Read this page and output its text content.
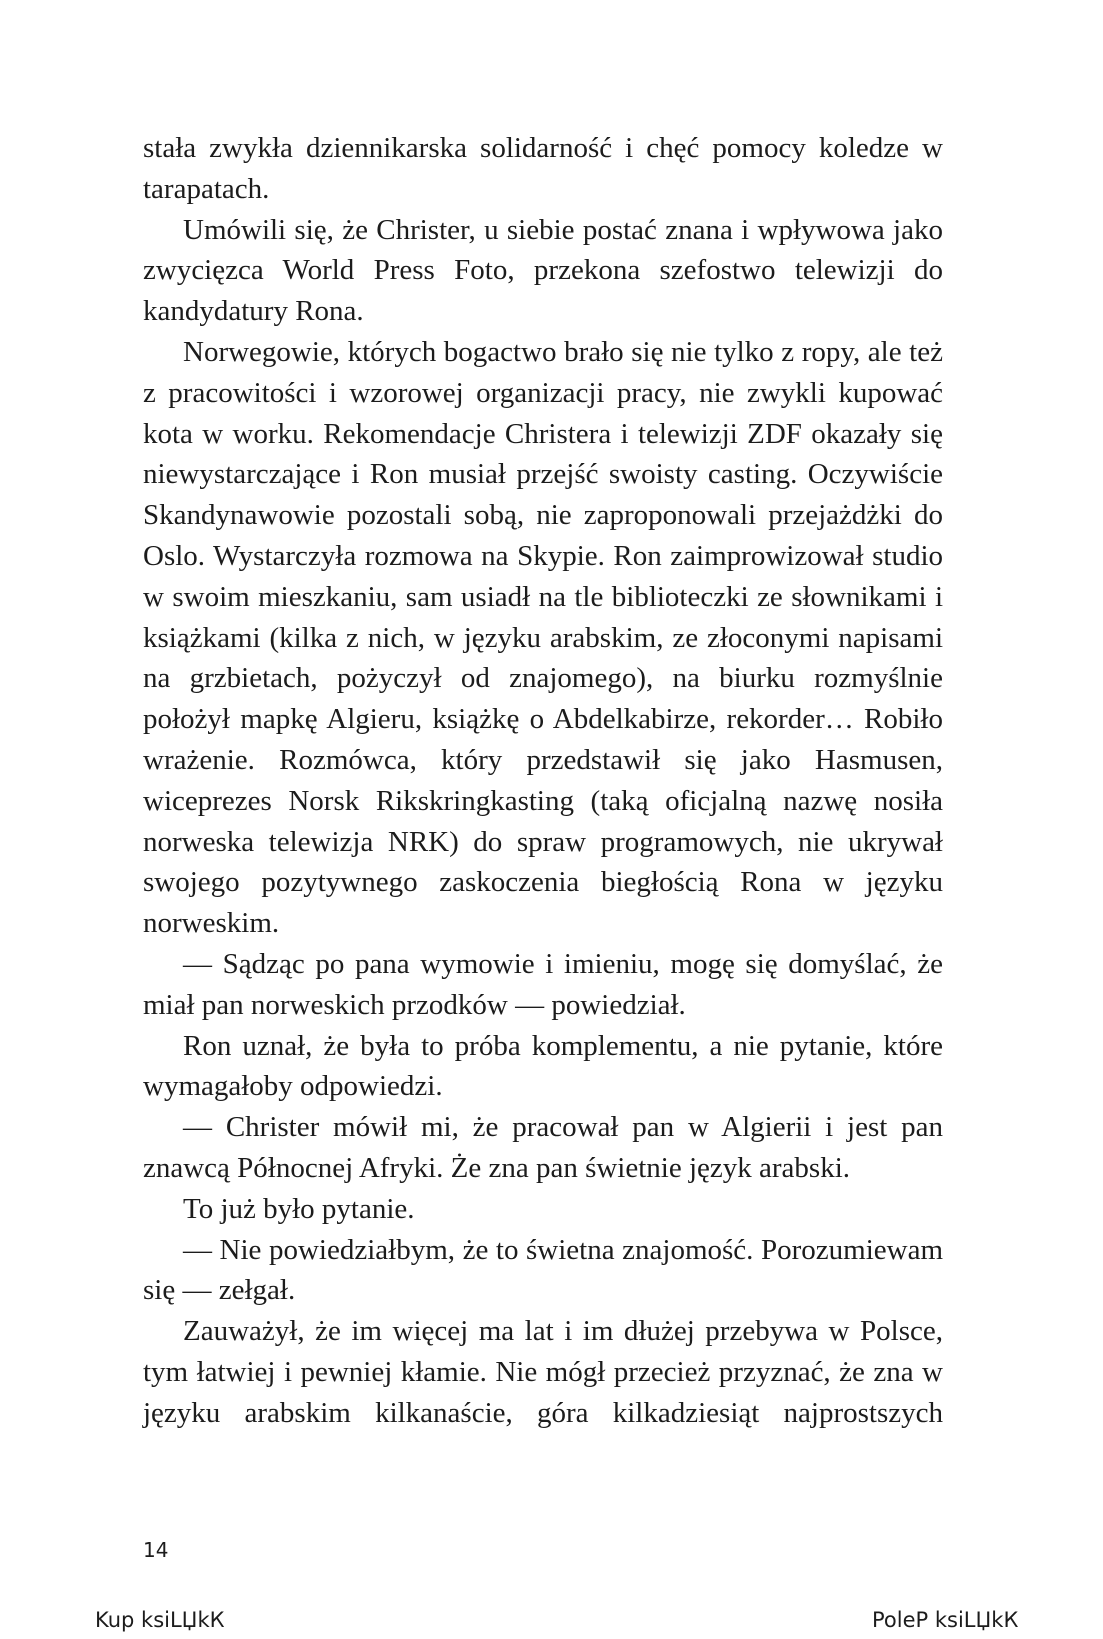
stała zwykła dziennikarska solidarność i chęć pomocy koledze w tarapatach.

Umówili się, że Christer, u siebie postać znana i wpływowa jako zwycięzca World Press Foto, przekona szefostwo telewizji do kandydatury Rona.

Norwegowie, których bogactwo brało się nie tylko z ropy, ale też z pracowitości i wzorowej organizacji pracy, nie zwykli kupować kota w worku. Rekomendacje Christera i telewizji ZDF okazały się niewystarczające i Ron musiał przejść swoisty casting. Oczywiście Skandynawowie pozostali sobą, nie zaproponowali przejażdżki do Oslo. Wystarczyła rozmowa na Skypie. Ron zaimprowizował studio w swoim mieszkaniu, sam usiadł na tle biblioteczki ze słownikami i książkami (kilka z nich, w języku arabskim, ze złoconymi napisami na grzbietach, pożyczył od znajomego), na biurku rozmyślnie położył mapkę Algieru, książkę o Abdelkabirze, rekorder… Robiło wrażenie. Rozmówca, który przedstawił się jako Hasmusen, wiceprezes Norsk Rikskringkasting (taką oficjalną nazwę nosiła norweska telewizja NRK) do spraw programowych, nie ukrywał swojego pozytywnego zaskoczenia biegłością Rona w języku norweskim.

— Sądząc po pana wymowie i imieniu, mogę się domyślać, że miał pan norweskich przodków — powiedział.

Ron uznał, że była to próba komplementu, a nie pytanie, które wymagałoby odpowiedzi.

— Christer mówił mi, że pracował pan w Algierii i jest pan znawcą Północnej Afryki. Że zna pan świetnie język arabski.

To już było pytanie.

— Nie powiedziałbym, że to świetna znajomość. Porozumiewam się — zełgał.

Zauważył, że im więcej ma lat i im dłużej przebywa w Polsce, tym łatwiej i pewniej kłamie. Nie mógł przecież przyznać, że zna w języku arabskim kilkanaście, góra kilkadziesiąt najprostszych

14
Kup ksiLЏkК	PoleР ksiLЏkК
